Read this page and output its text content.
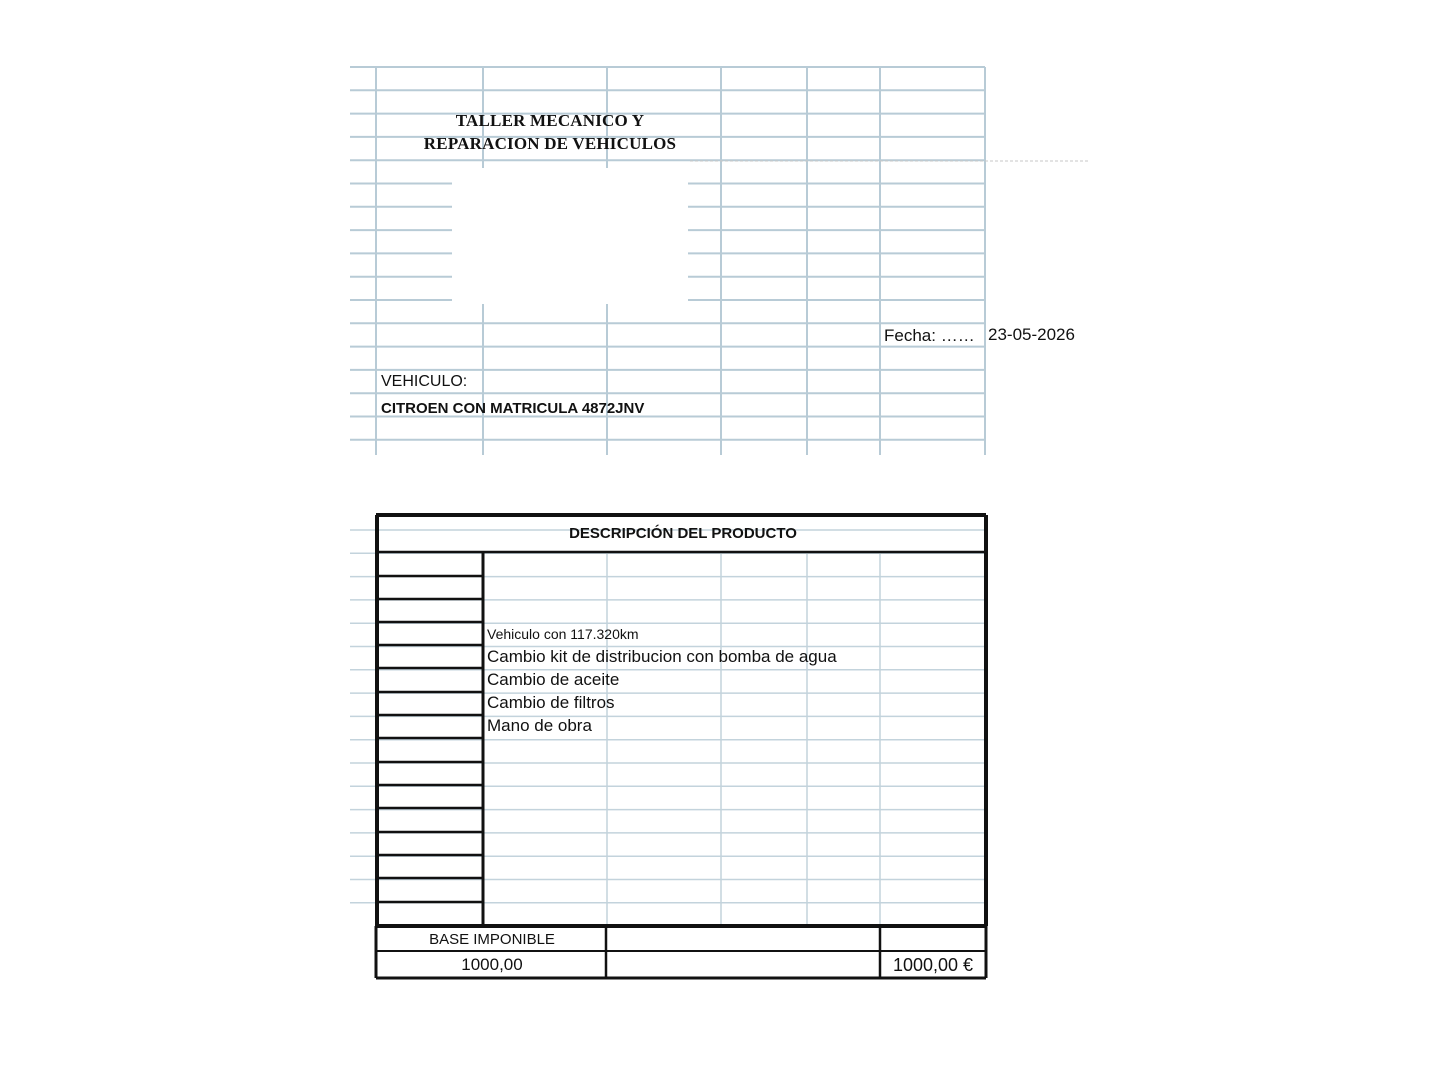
TALLER MECANICO Y
REPARACION DE VEHICULOS
Fecha: …… 23-05-2026
VEHICULO:
CITROEN CON MATRICULA 4872JNV
DESCRIPCIÓN DEL PRODUCTO
Vehiculo con 117.320km
Cambio kit de distribucion con bomba de agua
Cambio de aceite
Cambio de filtros
Mano de obra
BASE IMPONIBLE
1000,00	1000,00 €
